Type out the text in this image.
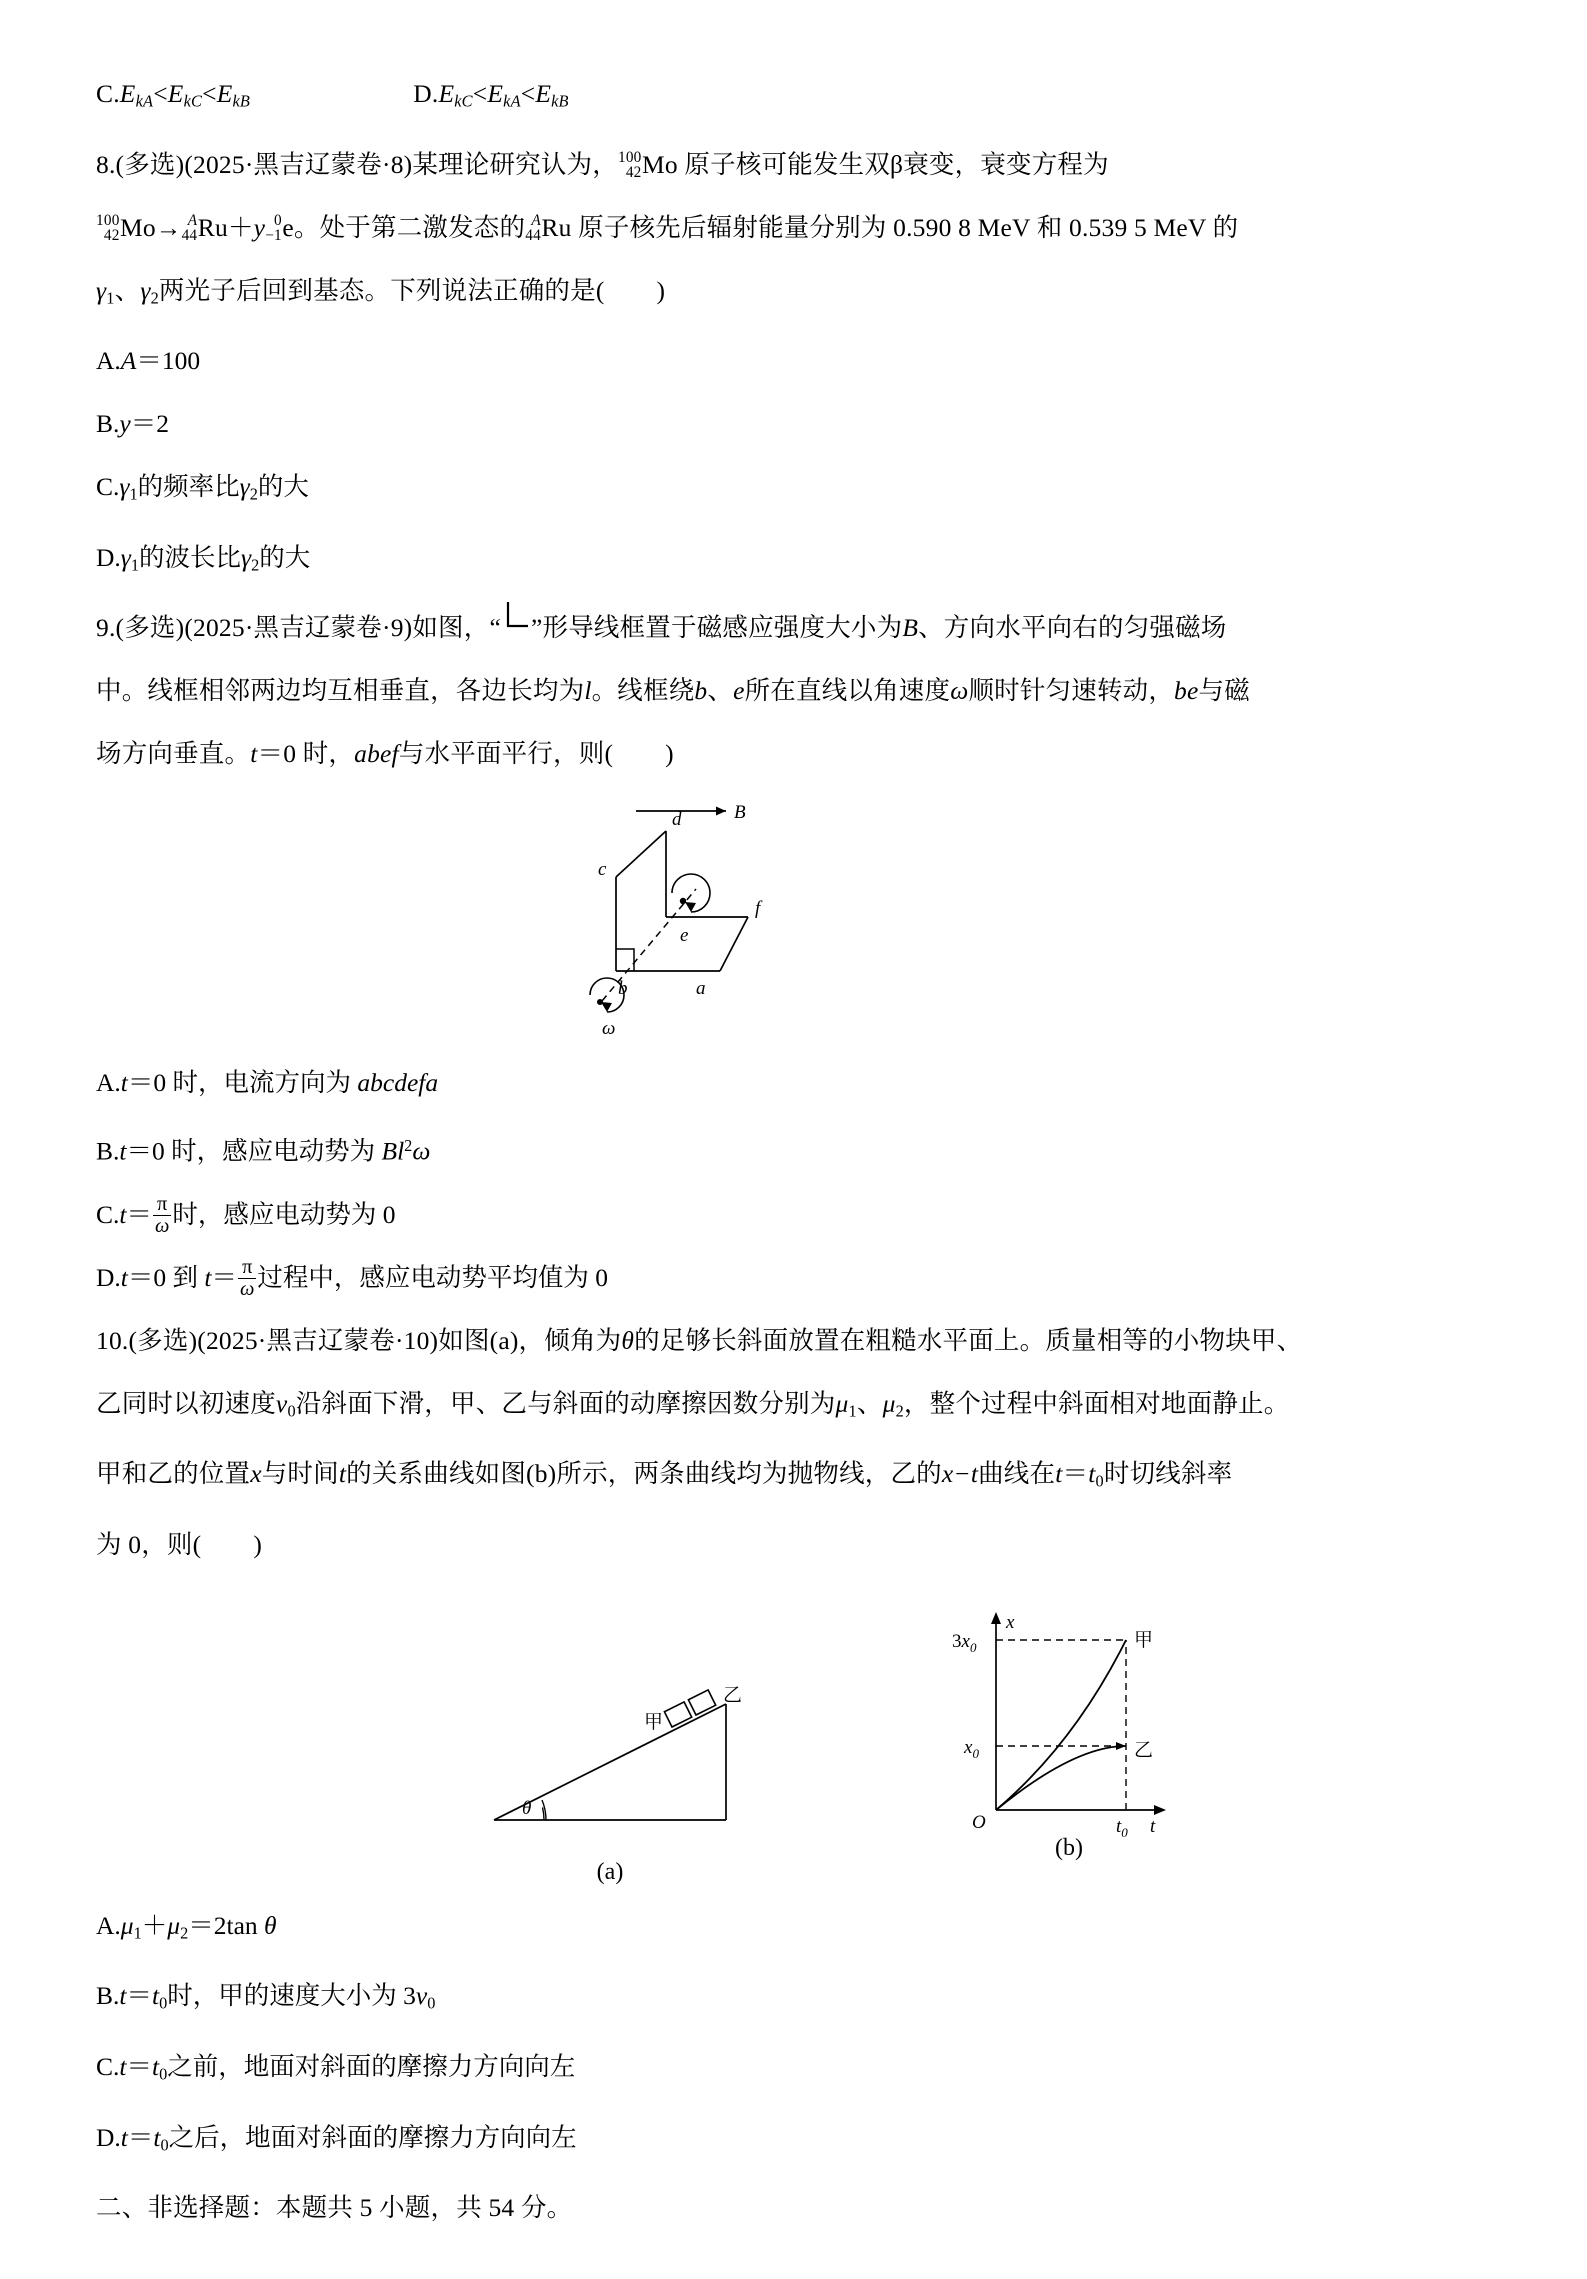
$C.E_{kA}<E_{kC}<E_{kB}$	$D.E_{kC}<E_{kA}<E_{kB}$
8.(多选)(2025·黑吉辽蒙卷·8)某理论研究认为， 100
42 Mo 原子核可能发生双β衰变，衰变方程为
100
42 Mo→ A
44 Ru＋y 0
−1 e。处于第二激发态的 A
44 Ru 原子核先后辐射能量分别为 0.590 8 MeV 和 0.539 5 MeV 的
$\gamma_1$、$\gamma_2$两光子后回到基态。下列说法正确的是( )
A.A＝100
B.y＝2
$C.\gamma_1$的频率比$\gamma_2$的大
$D.\gamma_1$的波长比$\gamma_2$的大
9.(多选)(2025·黑吉辽蒙卷·9)如图，“ ”形导线框置于磁感应强度大小为B、方向水平向右的匀强磁场
中。线框相邻两边均互相垂直，各边长均为l。线框绕b、e所在直线以角速度ω顺时针匀速转动，be与磁
场方向垂直。t＝0 时，abef与水平面平行，则( )
B
c
d
e
f
b	a
ω
A.t＝0 时，电流方向为 abcdefa
B.t＝0 时，感应电动势为 Bl$^2$ω
$C.t= \frac{\pi}{\omega}$ 时，感应电动势为 0
D.t＝0 到 $t= \frac{\pi}{\omega}$ 过程中，感应电动势平均值为 0
10.(多选)(2025·黑吉辽蒙卷·10)如图(a)，倾角为θ的足够长斜面放置在粗糙水平面上。质量相等的小物块甲、
乙同时以初速度$v_0$沿斜面下滑，甲、乙与斜面的动摩擦因数分别为$\mu_1$、$\mu_2$，整个过程中斜面相对地面静止。
甲和乙的位置x与时间t的关系曲线如图(b)所示，两条曲线均为抛物线，乙的x−t曲线在$t=t_0$时切线斜率
为 0，则( )
θ
甲
乙
(a)
x
t
O
$3x_0$
$x_0$
$t_0$
甲
乙
(b)
$A.\mu_1+\mu_2=2\tan$ θ
$B.t=t_0$时，甲的速度大小为 $3v_0$
$C.t=t_0$之前，地面对斜面的摩擦力方向向左
$D.t=t_0$之后，地面对斜面的摩擦力方向向左
二、非选择题：本题共 5 小题，共 54 分。
